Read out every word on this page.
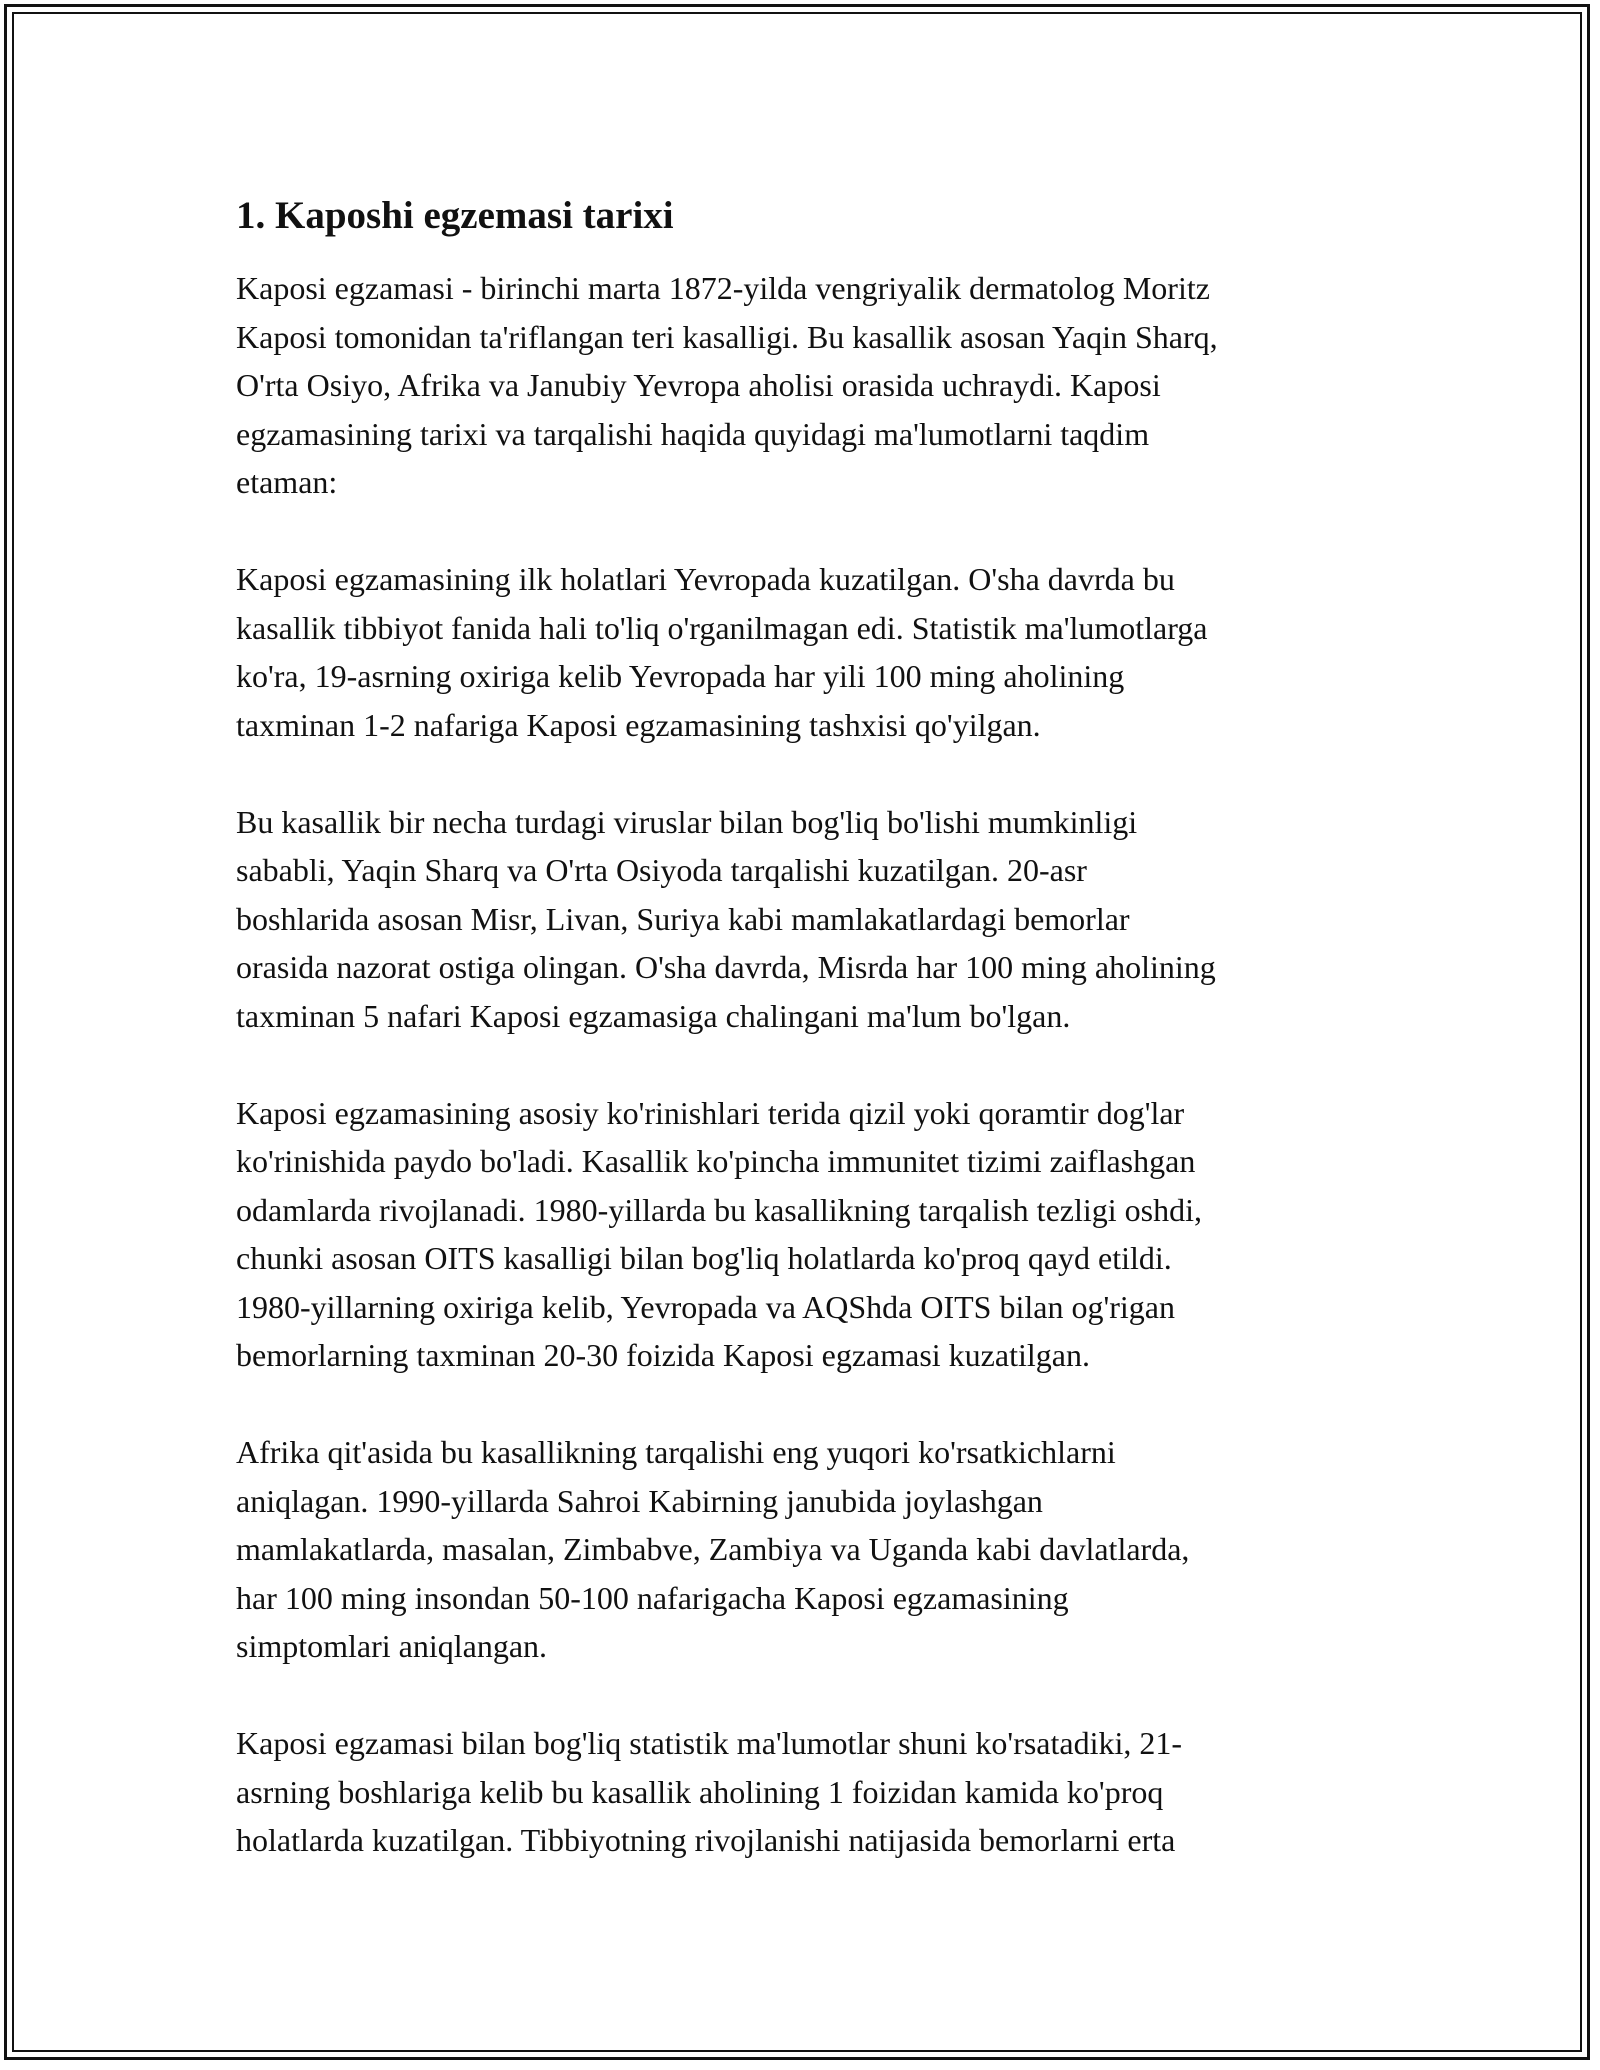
1. Kaposhi egzemasi tarixi

Kaposi egzamasi - birinchi marta 1872-yilda vengriyalik dermatolog Moritz
Kaposi tomonidan ta'riflangan teri kasalligi. Bu kasallik asosan Yaqin Sharq,
O'rta Osiyo, Afrika va Janubiy Yevropa aholisi orasida uchraydi. Kaposi
egzamasining tarixi va tarqalishi haqida quyidagi ma'lumotlarni taqdim
etaman:

Kaposi egzamasining ilk holatlari Yevropada kuzatilgan. O'sha davrda bu
kasallik tibbiyot fanida hali to'liq o'rganilmagan edi. Statistik ma'lumotlarga
ko'ra, 19-asrning oxiriga kelib Yevropada har yili 100 ming aholining
taxminan 1-2 nafariga Kaposi egzamasining tashxisi qo'yilgan.

Bu kasallik bir necha turdagi viruslar bilan bog'liq bo'lishi mumkinligi
sababli, Yaqin Sharq va O'rta Osiyoda tarqalishi kuzatilgan. 20-asr
boshlarida asosan Misr, Livan, Suriya kabi mamlakatlardagi bemorlar
orasida nazorat ostiga olingan. O'sha davrda, Misrda har 100 ming aholining
taxminan 5 nafari Kaposi egzamasiga chalingani ma'lum bo'lgan.

Kaposi egzamasining asosiy ko'rinishlari terida qizil yoki qoramtir dog'lar
ko'rinishida paydo bo'ladi. Kasallik ko'pincha immunitet tizimi zaiflashgan
odamlarda rivojlanadi. 1980-yillarda bu kasallikning tarqalish tezligi oshdi,
chunki asosan OITS kasalligi bilan bog'liq holatlarda ko'proq qayd etildi.
1980-yillarning oxiriga kelib, Yevropada va AQShda OITS bilan og'rigan
bemorlarning taxminan 20-30 foizida Kaposi egzamasi kuzatilgan.

Afrika qit'asida bu kasallikning tarqalishi eng yuqori ko'rsatkichlarni
aniqlagan. 1990-yillarda Sahroi Kabirning janubida joylashgan
mamlakatlarda, masalan, Zimbabve, Zambiya va Uganda kabi davlatlarda,
har 100 ming insondan 50-100 nafarigacha Kaposi egzamasining
simptomlari aniqlangan.

Kaposi egzamasi bilan bog'liq statistik ma'lumotlar shuni ko'rsatadiki, 21-
asrning boshlariga kelib bu kasallik aholining 1 foizidan kamida ko'proq
holatlarda kuzatilgan. Tibbiyotning rivojlanishi natijasida bemorlarni erta
